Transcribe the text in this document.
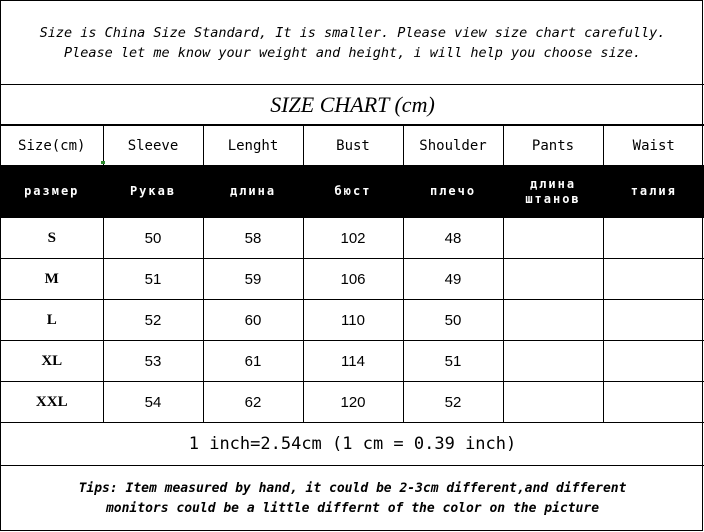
Size is China Size Standard, It is smaller. Please view size chart carefully.
Please let me know your weight and height, i will help you choose size.
SIZE CHART (cm)
Size(cm)	Sleeve	Lenght	Bust	Shoulder	Pants	Waist
размер	Рукав	длина	бюст	плечо	длина штанов	талия
S	50	58	102	48		
M	51	59	106	49		
L	52	60	110	50		
XL	53	61	114	51		
XXL	54	62	120	52		
1 inch=2.54cm (1 cm = 0.39 inch)
Tips: Item measured by hand, it could be 2-3cm different,and different
monitors could be a little differnt of the color on the picture
